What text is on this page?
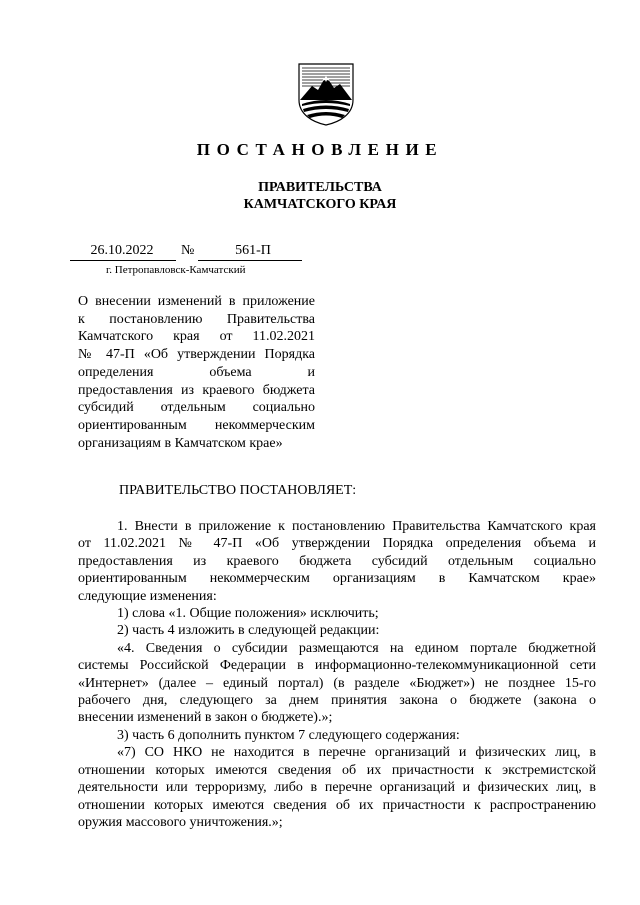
ПОСТАНОВЛЕНИЕ
ПРАВИТЕЛЬСТВА
КАМЧАТСКОГО КРАЯ
26.10.2022	№	561-П
г. Петропавловск-Камчатский
О внесении изменений в приложение
к постановлению Правительства
Камчатского края от 11.02.2021
№ 47-П «Об утверждении Порядка
определения объема и
предоставления из краевого бюджета
субсидий отдельным социально
ориентированным некоммерческим
организациям в Камчатском крае»
ПРАВИТЕЛЬСТВО ПОСТАНОВЛЯЕТ:
1. Внести в приложение к постановлению Правительства Камчатского края
от 11.02.2021 № 47-П «Об утверждении Порядка определения объема и
предоставления из краевого бюджета субсидий отдельным социально
ориентированным некоммерческим организациям в Камчатском крае»
следующие изменения:
1) слова «1. Общие положения» исключить;
2) часть 4 изложить в следующей редакции:
«4. Сведения о субсидии размещаются на едином портале бюджетной
системы Российской Федерации в информационно-телекоммуникационной сети
«Интернет» (далее – единый портал) (в разделе «Бюджет») не позднее 15-го
рабочего дня, следующего за днем принятия закона о бюджете (закона о
внесении изменений в закон о бюджете).»;
3) часть 6 дополнить пунктом 7 следующего содержания:
«7) СО НКО не находится в перечне организаций и физических лиц, в
отношении которых имеются сведения об их причастности к экстремистской
деятельности или терроризму, либо в перечне организаций и физических лиц, в
отношении которых имеются сведения об их причастности к распространению
оружия массового уничтожения.»;
